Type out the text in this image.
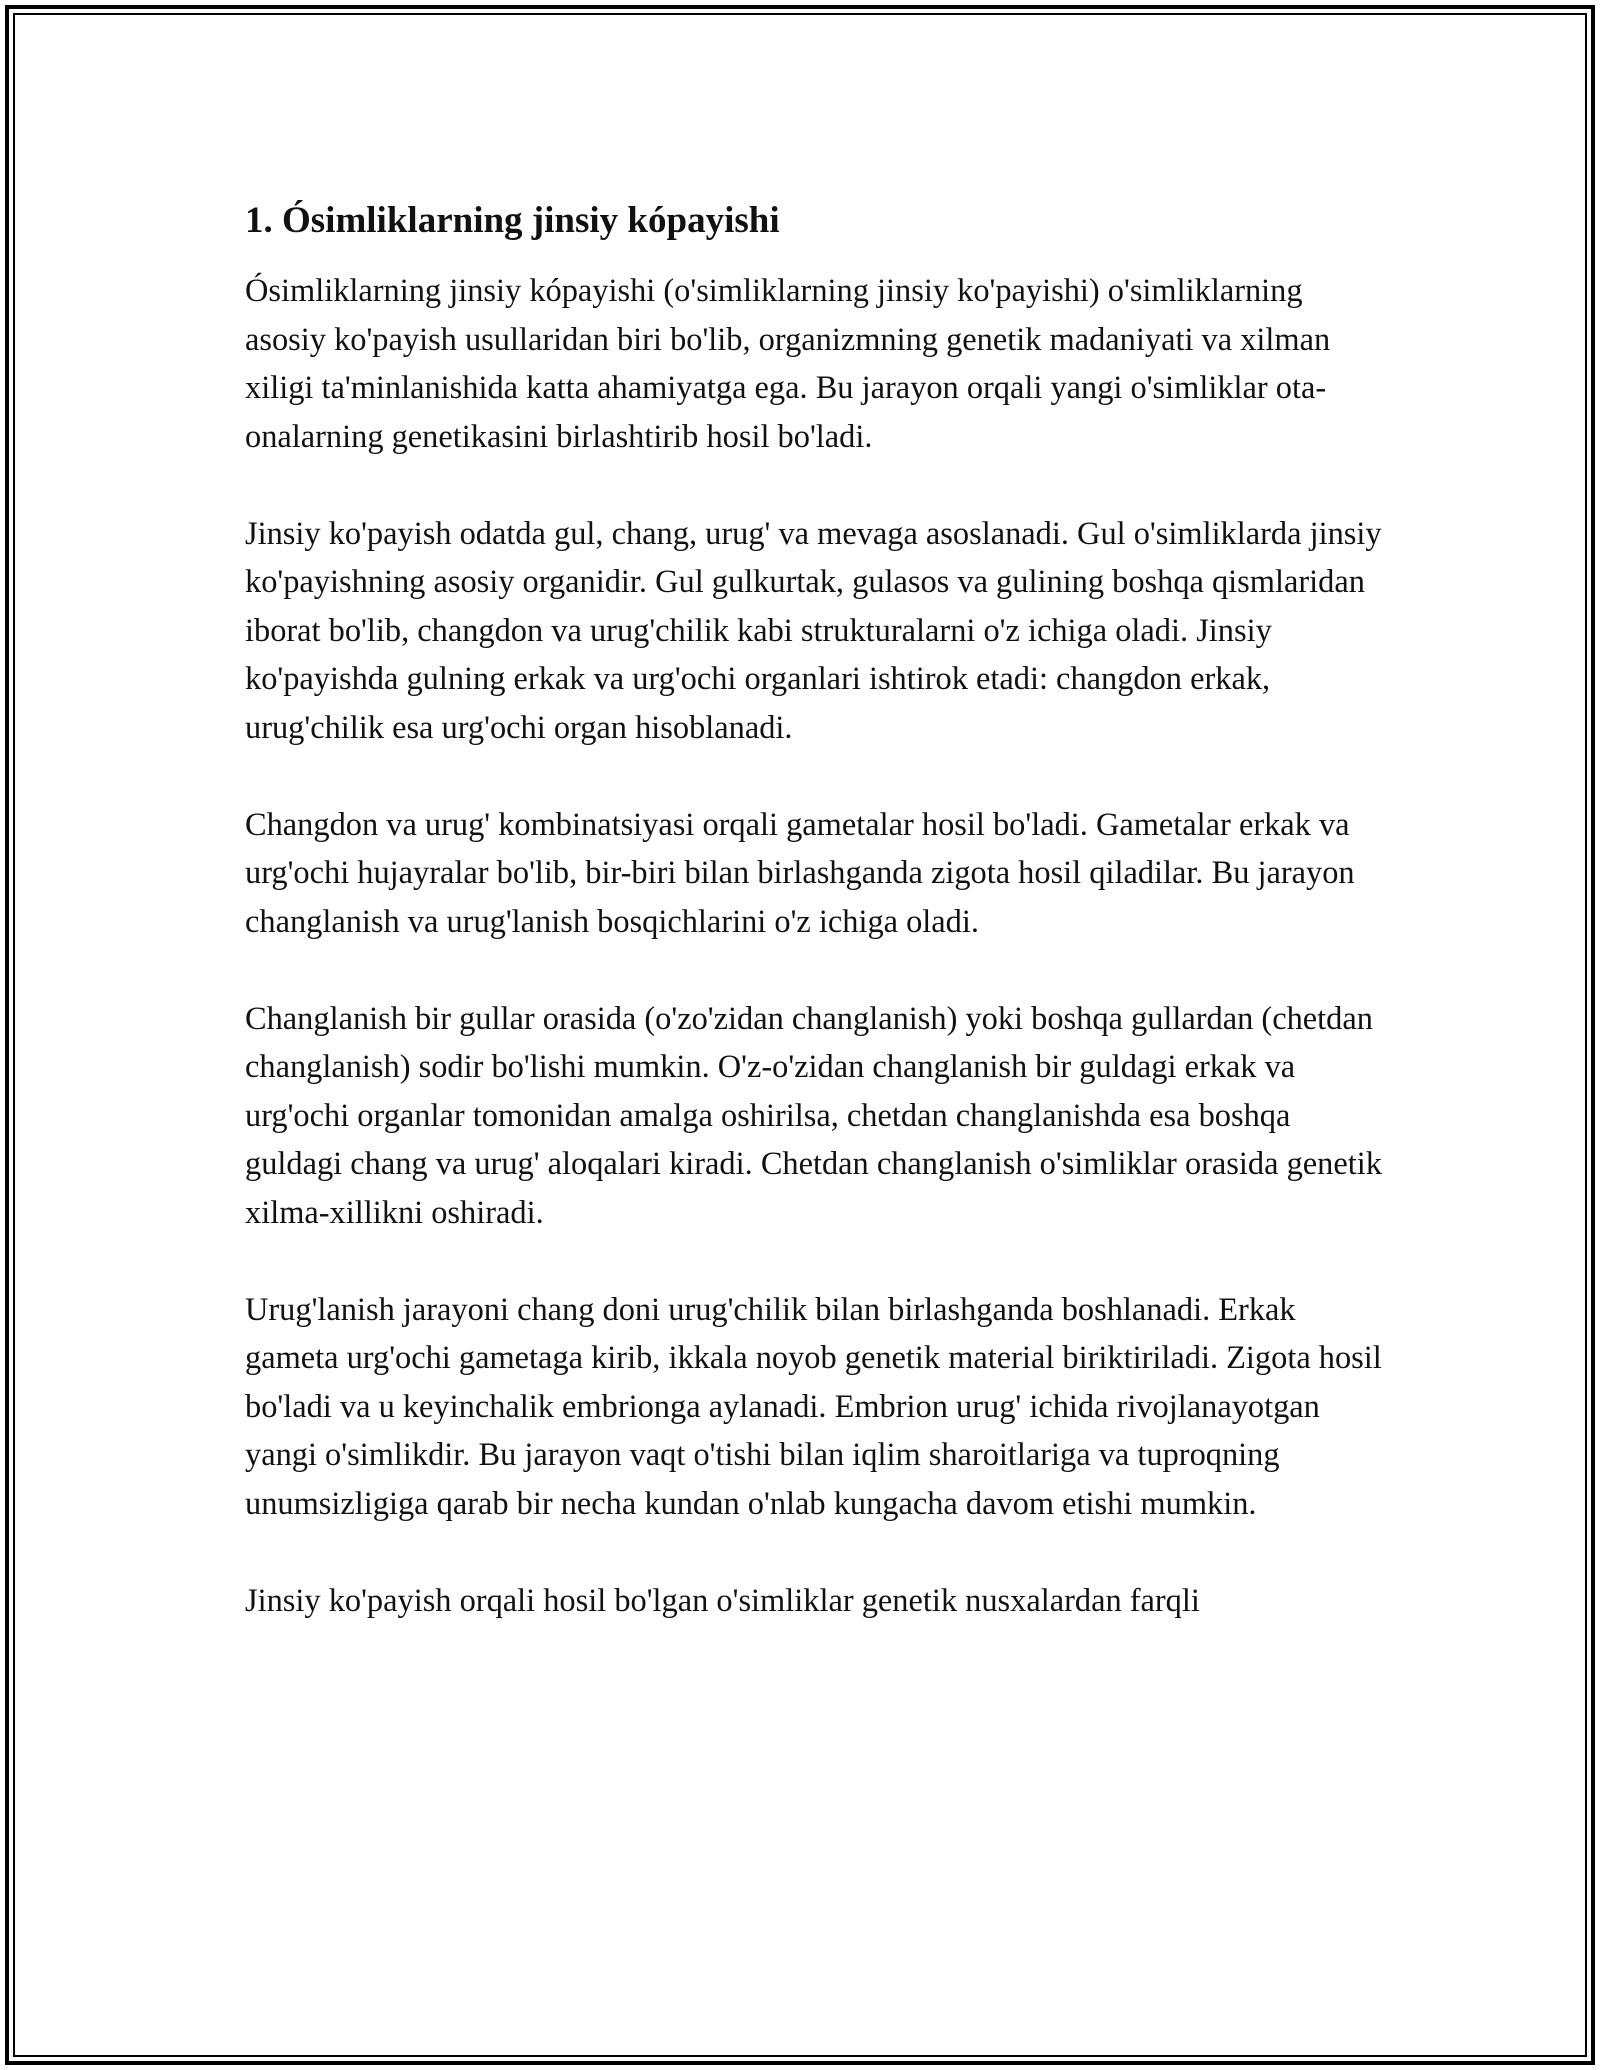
1. Ósimliklarning jinsiy kópayishi

Ósimliklarning jinsiy kópayishi (o'simliklarning jinsiy ko'payishi) o'simliklarning asosiy ko'payish usullaridan biri bo'lib, organizmning genetik madaniyati va xilman xiligi ta'minlanishida katta ahamiyatga ega. Bu jarayon orqali yangi o'simliklar ota-onalarning genetikasini birlashtirib hosil bo'ladi.

Jinsiy ko'payish odatda gul, chang, urug' va mevaga asoslanadi. Gul o'simliklarda jinsiy ko'payishning asosiy organidir. Gul gulkurtak, gulasos va gulining boshqa qismlaridan iborat bo'lib, changdon va urug'chilik kabi strukturalarni o'z ichiga oladi. Jinsiy ko'payishda gulning erkak va urg'ochi organlari ishtirok etadi: changdon erkak, urug'chilik esa urg'ochi organ hisoblanadi.

Changdon va urug' kombinatsiyasi orqali gametalar hosil bo'ladi. Gametalar erkak va urg'ochi hujayralar bo'lib, bir-biri bilan birlashganda zigota hosil qiladilar. Bu jarayon changlanish va urug'lanish bosqichlarini o'z ichiga oladi.

Changlanish bir gullar orasida (o'zo'zidan changlanish) yoki boshqa gullardan (chetdan changlanish) sodir bo'lishi mumkin. O'z-o'zidan changlanish bir guldagi erkak va urg'ochi organlar tomonidan amalga oshirilsa, chetdan changlanishda esa boshqa guldagi chang va urug' aloqalari kiradi. Chetdan changlanish o'simliklar orasida genetik xilma-xillikni oshiradi.

Urug'lanish jarayoni chang doni urug'chilik bilan birlashganda boshlanadi. Erkak gameta urg'ochi gametaga kirib, ikkala noyob genetik material biriktiriladi. Zigota hosil bo'ladi va u keyinchalik embrionga aylanadi. Embrion urug' ichida rivojlanayotgan yangi o'simlikdir. Bu jarayon vaqt o'tishi bilan iqlim sharoitlariga va tuproqning unumsizligiga qarab bir necha kundan o'nlab kungacha davom etishi mumkin.

Jinsiy ko'payish orqali hosil bo'lgan o'simliklar genetik nusxalardan farqli
